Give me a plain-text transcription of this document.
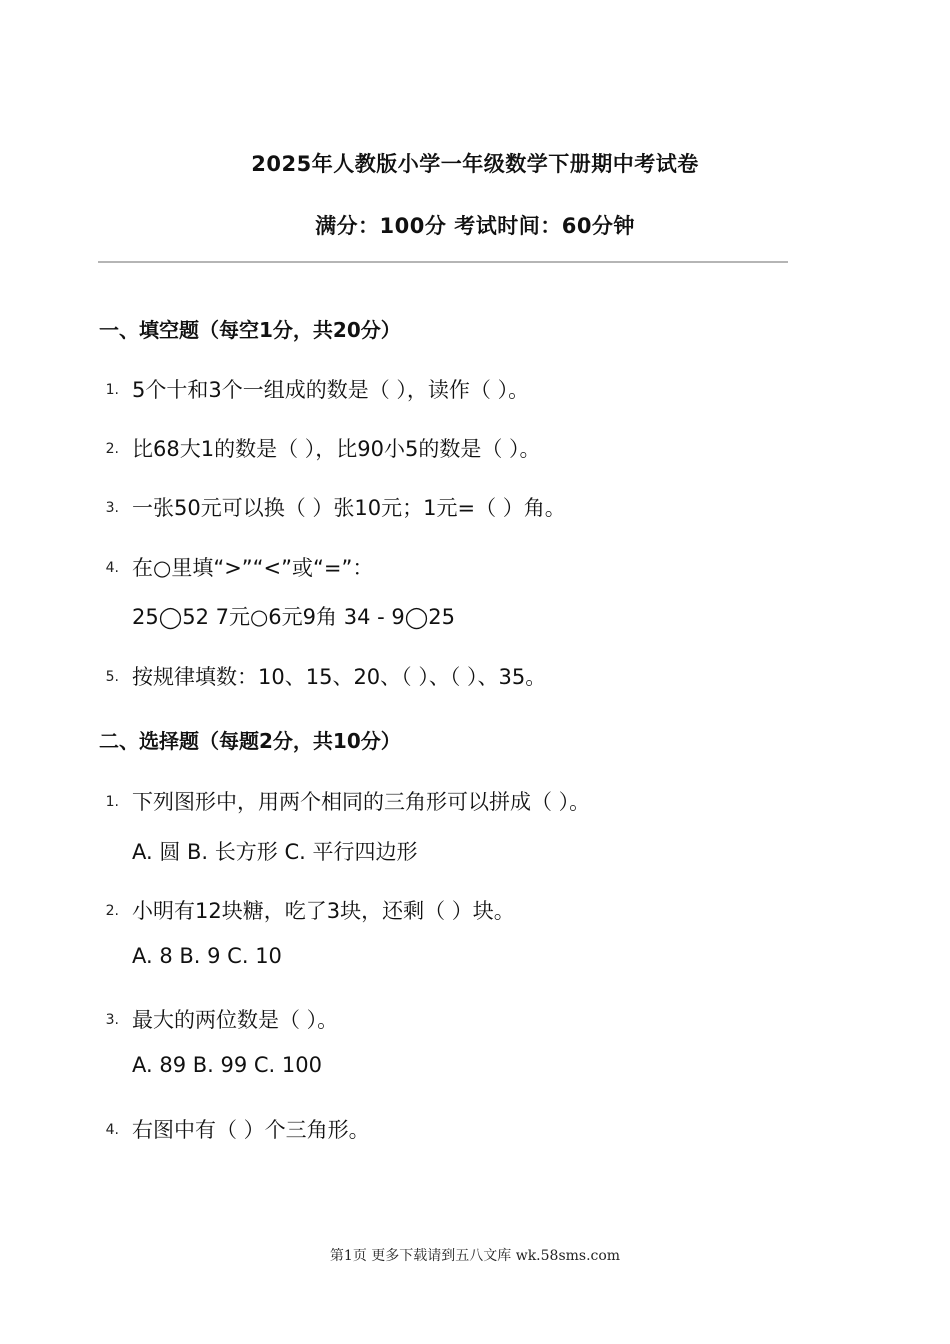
2025年人教版小学一年级数学下册期中考试卷
满分：100分 考试时间：60分钟
一、填空题（每空1分，共20分）
1. 5个十和3个一组成的数是（ ），读作（ ）。
2. 比68大1的数是（ ），比90小5的数是（ ）。
3. 一张50元可以换（ ）张10元；1元=（ ）角。
4. 在○里填“>”“<”或“=”：
25◯52 7元○6元9角 34 - 9◯25
5. 按规律填数：10、15、20、（ ）、（ ）、35。
二、选择题（每题2分，共10分）
1. 下列图形中，用两个相同的三角形可以拼成（ ）。
A. 圆 B. 长方形 C. 平行四边形
2. 小明有12块糖，吃了3块，还剩（ ）块。
A. 8 B. 9 C. 10
3. 最大的两位数是（ ）。
A. 89 B. 99 C. 100
4. 右图中有（ ）个三角形。
第1页 更多下载请到五八文库 wk.58sms.com
